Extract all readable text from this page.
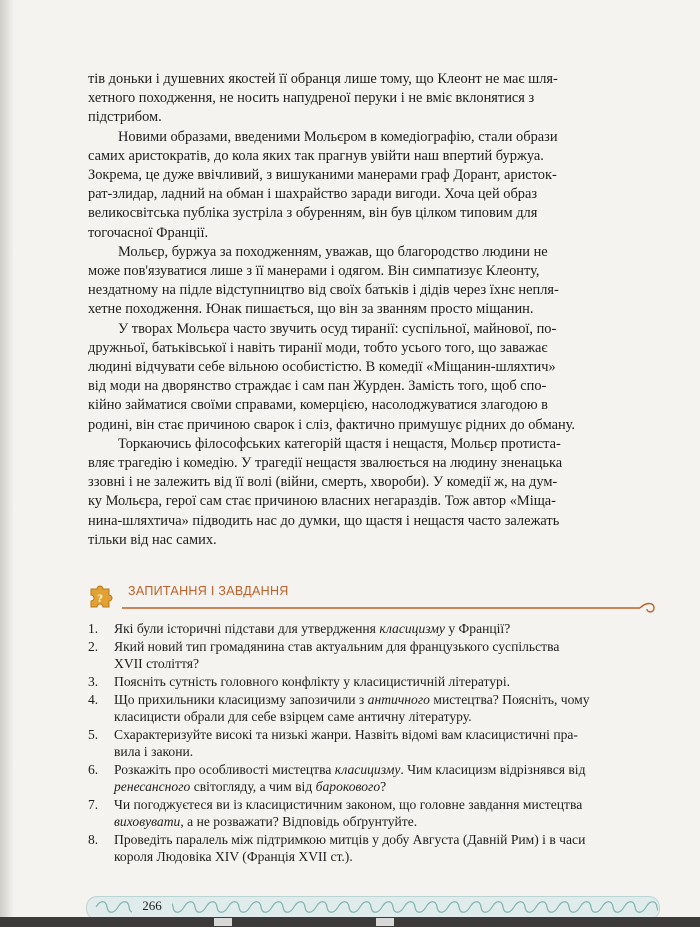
тів доньки і душевних якостей її обранця лише тому, що Клеонт не має шля-
хетного походження, не носить напудреної перуки і не вміє вклонятися з
підстрибом.

Новими образами, введеними Мольєром в комедіографію, стали образи
самих аристократів, до кола яких так прагнув увійти наш впертий буржуа.
Зокрема, це дуже ввічливий, з вишуканими манерами граф Дорант, аристок-
рат-злидар, ладний на обман і шахрайство заради вигоди. Хоча цей образ
великосвітська публіка зустріла з обуренням, він був цілком типовим для
тогочасної Франції.

Мольєр, буржуа за походженням, уважав, що благородство людини не
може пов'язуватися лише з її манерами і одягом. Він симпатизує Клеонту,
нездатному на підле відступництво від своїх батьків і дідів через їхнє непля-
хетне походження. Юнак пишається, що він за званням просто міщанин.

У творах Мольєра часто звучить осуд тиранії: суспільної, майнової, по-
дружньої, батьківської і навіть тиранії моди, тобто усього того, що заважає
людині відчувати себе вільною особистістю. В комедії «Міщанин-шляхтич»
від моди на дворянство страждає і сам пан Журден. Замість того, щоб спо-
кійно займатися своїми справами, комерцією, насолоджуватися злагодою в
родині, він стає причиною сварок і сліз, фактично примушує рідних до обману.

Торкаючись філософських категорій щастя і нещастя, Мольєр протиста-
вляє трагедію і комедію. У трагедії нещастя звалюється на людину зненацька
ззовні і не залежить від її волі (війни, смерть, хвороби). У комедії ж, на дум-
ку Мольєра, герої сам стає причиною власних негараздів. Тож автор «Міща-
нина-шляхтича» підводить нас до думки, що щастя і нещастя часто залежать
тільки від нас самих.

? ЗАПИТАННЯ І ЗАВДАННЯ
1. Які були історичні підстави для утвердження класицизму у Франції?
2. Який новий тип громадянина став актуальним для французького суспільства
XVII століття?
3. Поясніть сутність головного конфлікту у класицистичній літературі.
4. Що прихильники класицизму запозичили з античного мистецтва? Поясніть, чому
класицисти обрали для себе взірцем саме античну літературу.
5. Схарактеризуйте високі та низькі жанри. Назвіть відомі вам класицистичні пра-
вила і закони.
6. Розкажіть про особливості мистецтва класицизму. Чим класицизм відрізнявся від
ренесансного світогляду, а чим від барокового?
7. Чи погоджуєтеся ви із класицистичним законом, що головне завдання мистецтва
виховувати, а не розважати? Відповідь обґрунтуйте.
8. Проведіть паралель між підтримкою митців у добу Августа (Давній Рим) і в часи
короля Людовіка XIV (Франція XVII ст.).
266
